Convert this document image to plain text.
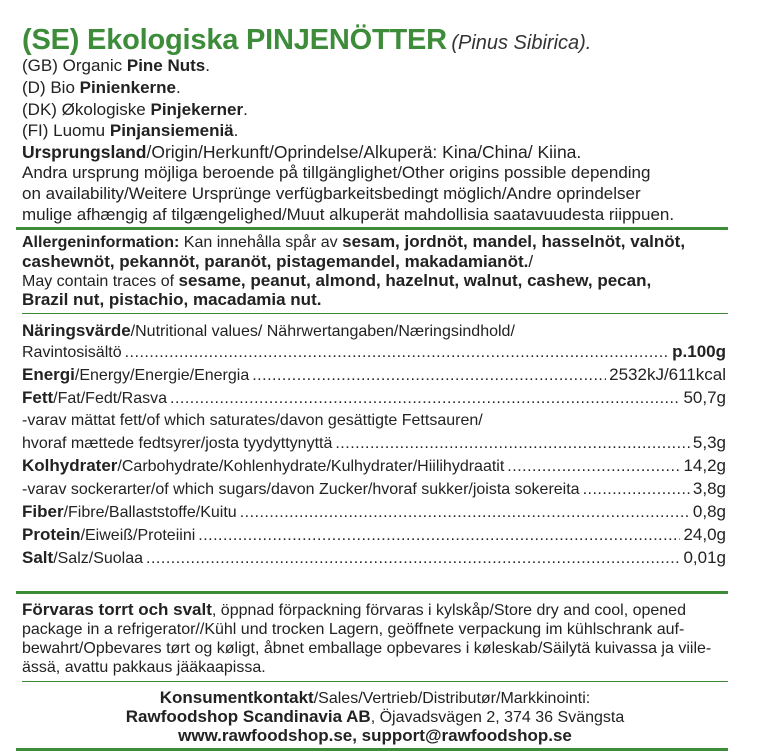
(SE) Ekologiska PINJENÖTTER (Pinus Sibirica).
(GB) Organic Pine Nuts.
(D) Bio Pinienkerne.
(DK) Økologiske Pinjekerner.
(FI) Luomu Pinjansiemeniä.
Ursprungsland/Origin/Herkunft/Oprindelse/Alkuperä: Kina/China/ Kiina.
Andra ursprung möjliga beroende på tillgänglighet/Other origins possible depending
on availability/Weitere Ursprünge verfügbarkeitsbedingt möglich/Andre oprindelser
mulige afhængig af tilgængelighed/Muut alkuperät mahdollisia saatavuudesta riippuen.
Allergeninformation: Kan innehålla spår av sesam, jordnöt, mandel, hasselnöt, valnöt,
cashewnöt, pekannöt, paranöt, pistagemandel, makadamianöt./
May contain traces of sesame, peanut, almond, hazelnut, walnut, cashew, pecan,
Brazil nut, pistachio, macadamia nut.
Näringsvärde/Nutritional values/ Nährwertangaben/Næringsindhold/
Ravintosisältö .....	p.100g
Energi/Energy/Energie/Energia .....	2532kJ/611kcal
Fett/Fat/Fedt/Rasva .....	50,7g
-varav mättat fett/of which saturates/davon gesättigte Fettsauren/
hvoraf mættede fedtsyrer/josta tyydyttynyttä .....	5,3g
Kolhydrater/Carbohydrate/Kohlenhydrate/Kulhydrater/Hiilihydraatit .....	14,2g
-varav sockerarter/of which sugars/davon Zucker/hvoraf sukker/joista sokereita .....	3,8g
Fiber/Fibre/Ballaststoffe/Kuitu .....	0,8g
Protein/Eiweiß/Proteiini .....	24,0g
Salt/Salz/Suolaa .....	0,01g
Förvaras torrt och svalt, öppnad förpackning förvaras i kylskåp/Store dry and cool, opened
package in a refrigerator//Kühl und trocken Lagern, geöffnete verpackung im kühlschrank auf-
bewahrt/Opbevares tørt og køligt, åbnet emballage opbevares i køleskab/Säilytä kuivassa ja viile-
ässä, avattu pakkaus jääkaapissa.
Konsumentkontakt/Sales/Vertrieb/Distributør/Markkinointi:
Rawfoodshop Scandinavia AB, Öjavadsvägen 2, 374 36 Svängsta
www.rawfoodshop.se, support@rawfoodshop.se
